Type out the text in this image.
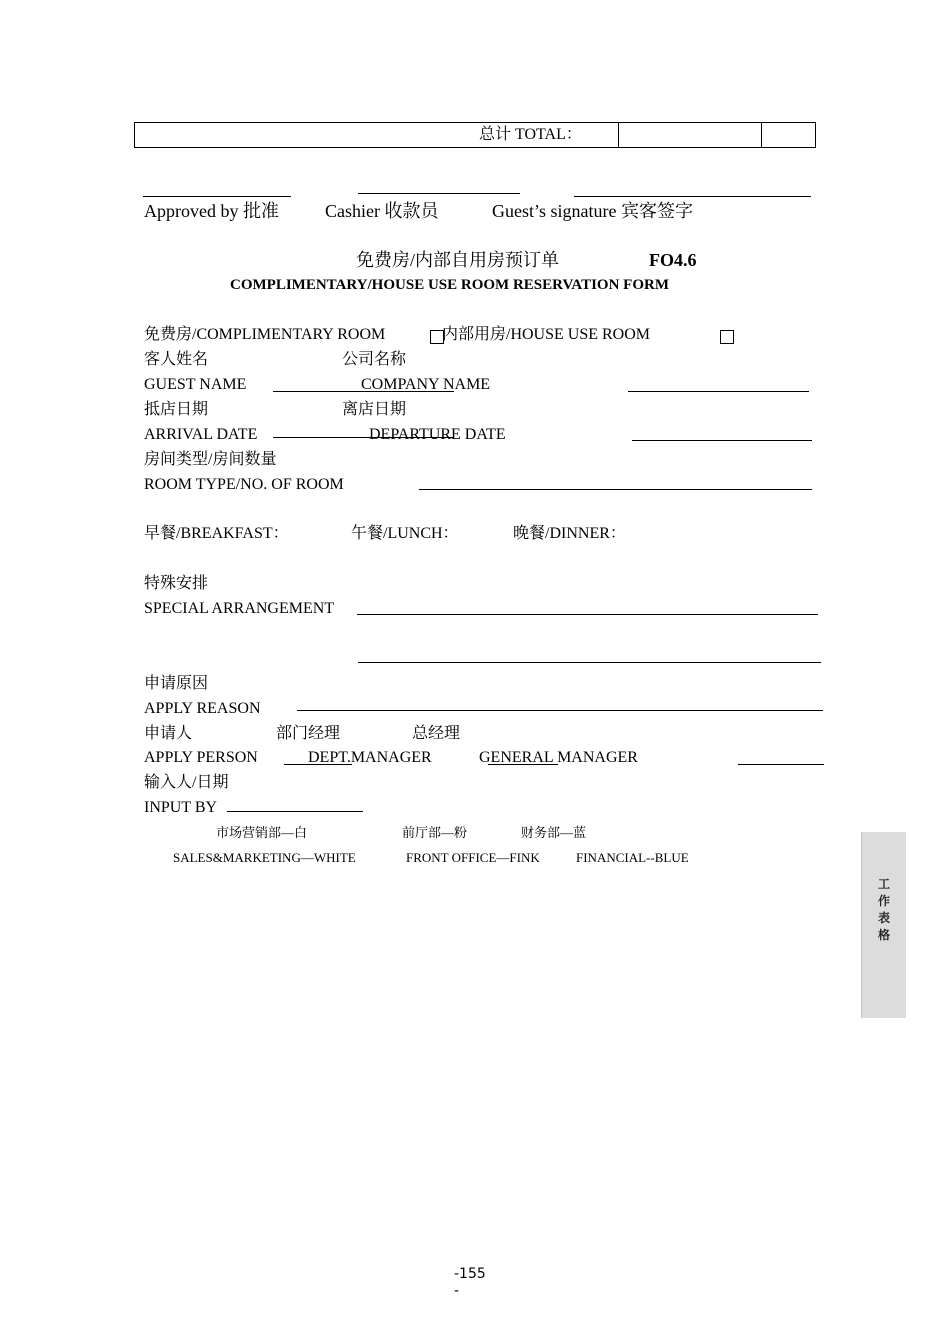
总计 TOTAL：
Approved by 批准	Cashier 收款员	Guest’s signature 宾客签字
免费房/内部自用房预订单	FO4.6
COMPLIMENTARY/HOUSE USE ROOM RESERVATION FORM
免费房/COMPLIMENTARY ROOM	内部用房/HOUSE USE ROOM
客人姓名	公司名称
GUEST NAME	COMPANY NAME
抵店日期	离店日期
ARRIVAL DATE	DEPARTURE DATE
房间类型/房间数量
ROOM TYPE/NO. OF ROOM
早餐/BREAKFAST：	午餐/LUNCH：	晚餐/DINNER：
特殊安排
SPECIAL ARRANGEMENT
申请原因
APPLY REASON
申请人	部门经理	总经理
APPLY PERSON	DEPT.MANAGER	GENERAL MANAGER
输入人/日期
INPUT BY
市场营销部—白	前厅部—粉	财务部—蓝
SALES&MARKETING—WHITE	FRONT OFFICE—FINK	FINANCIAL--BLUE
工
作
表
格
-155
-
